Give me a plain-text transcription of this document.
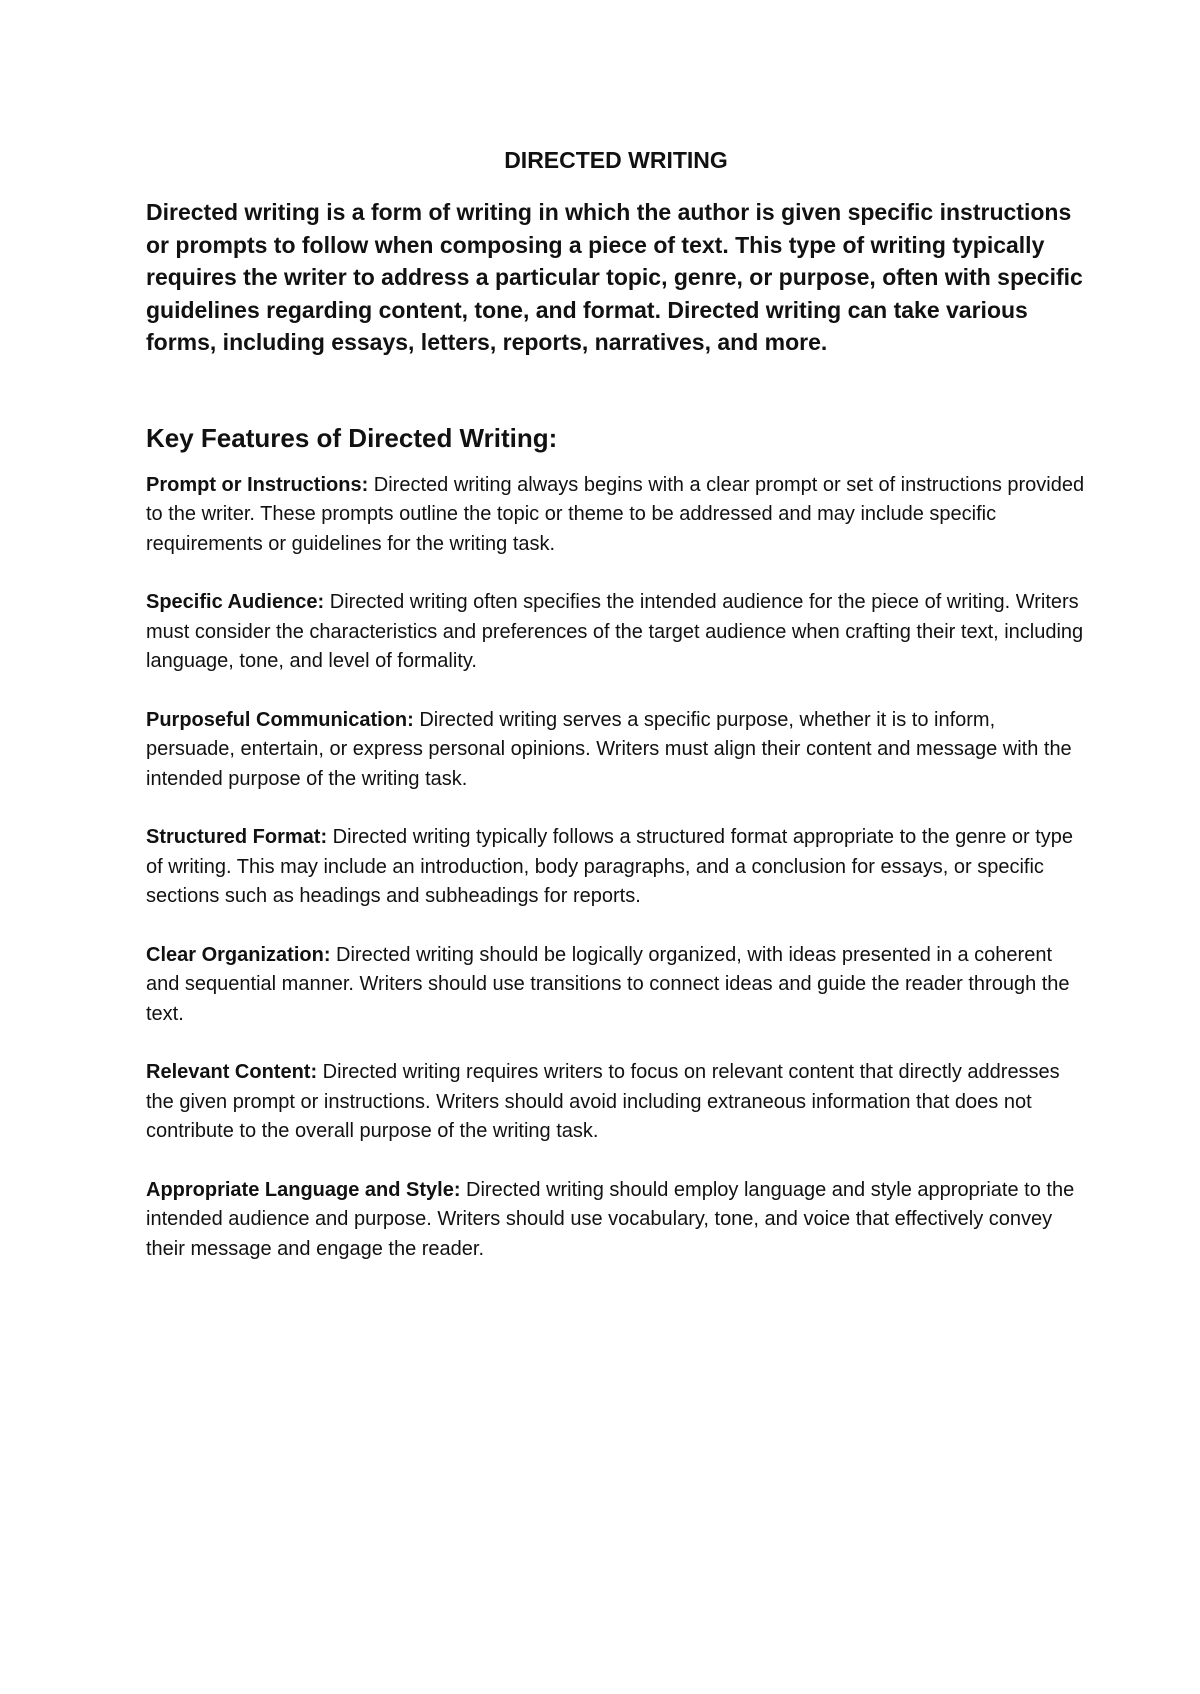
DIRECTED WRITING

Directed writing is a form of writing in which the author is given specific instructions or prompts to follow when composing a piece of text. This type of writing typically requires the writer to address a particular topic, genre, or purpose, often with specific guidelines regarding content, tone, and format. Directed writing can take various forms, including essays, letters, reports, narratives, and more.

Key Features of Directed Writing:

Prompt or Instructions: Directed writing always begins with a clear prompt or set of instructions provided to the writer. These prompts outline the topic or theme to be addressed and may include specific requirements or guidelines for the writing task.

Specific Audience: Directed writing often specifies the intended audience for the piece of writing. Writers must consider the characteristics and preferences of the target audience when crafting their text, including language, tone, and level of formality.

Purposeful Communication: Directed writing serves a specific purpose, whether it is to inform, persuade, entertain, or express personal opinions. Writers must align their content and message with the intended purpose of the writing task.

Structured Format: Directed writing typically follows a structured format appropriate to the genre or type of writing. This may include an introduction, body paragraphs, and a conclusion for essays, or specific sections such as headings and subheadings for reports.

Clear Organization: Directed writing should be logically organized, with ideas presented in a coherent and sequential manner. Writers should use transitions to connect ideas and guide the reader through the text.

Relevant Content: Directed writing requires writers to focus on relevant content that directly addresses the given prompt or instructions. Writers should avoid including extraneous information that does not contribute to the overall purpose of the writing task.

Appropriate Language and Style: Directed writing should employ language and style appropriate to the intended audience and purpose. Writers should use vocabulary, tone, and voice that effectively convey their message and engage the reader.
